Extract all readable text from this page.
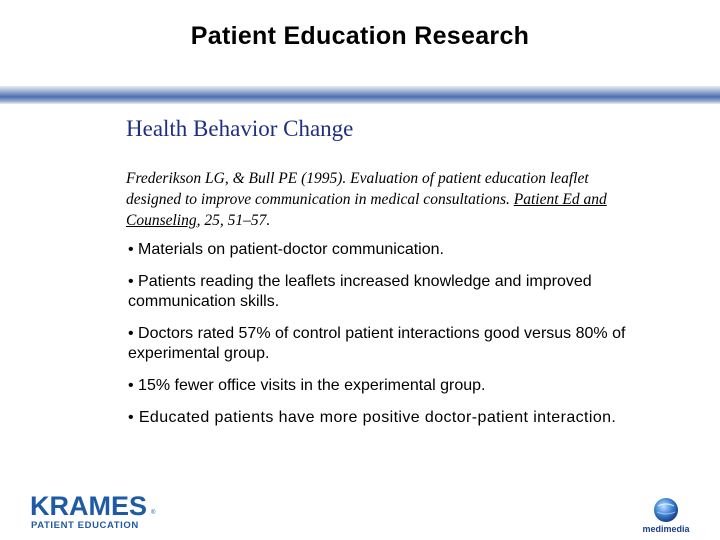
Patient Education Research
Health Behavior Change
Frederikson LG, & Bull PE (1995). Evaluation of patient education leaflet designed to improve communication in medical consultations. Patient Ed and Counseling, 25, 51–57.
• Materials on patient-doctor communication.
• Patients reading the leaflets increased knowledge and improved communication skills.
• Doctors rated 57% of control patient interactions good versus 80% of experimental group.
• 15% fewer office visits in the experimental group.
• Educated patients have more positive doctor-patient interaction.
KRAMES ®
PATIENT EDUCATION	medimedia
